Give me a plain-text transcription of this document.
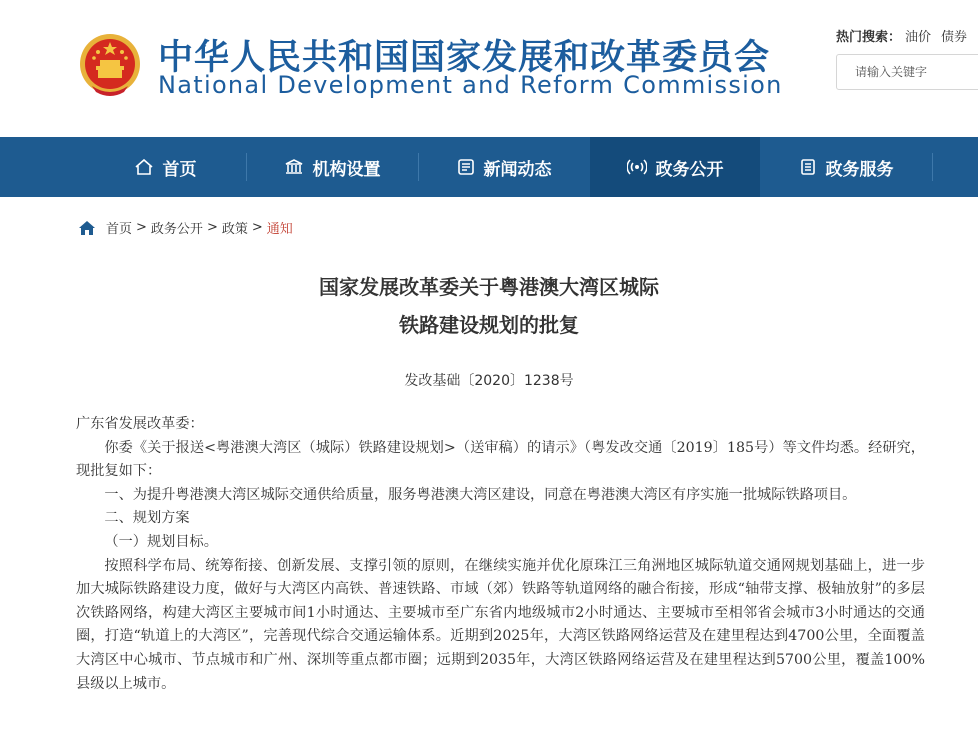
中华人民共和国国家发展和改革委员会
National Development and Reform Commission
热门搜索： 油价 债券
请输入关键字
首页	机构设置	新闻动态	政务公开	政务服务
首页 > 政务公开 > 政策 > 通知
国家发展改革委关于粤港澳大湾区城际
铁路建设规划的批复
发改基础〔2020〕1238号

广东省发展改革委：

你委《关于报送<粤港澳大湾区（城际）铁路建设规划>（送审稿）的请示》（粤发改交通〔2019〕185号）等文件均悉。经研究，现批复如下：

一、为提升粤港澳大湾区城际交通供给质量，服务粤港澳大湾区建设，同意在粤港澳大湾区有序实施一批城际铁路项目。

二、规划方案

（一）规划目标。

按照科学布局、统筹衔接、创新发展、支撑引领的原则，在继续实施并优化原珠江三角洲地区城际轨道交通网规划基础上，进一步加大城际铁路建设力度，做好与大湾区内高铁、普速铁路、市域（郊）铁路等轨道网络的融合衔接，形成“轴带支撑、极轴放射”的多层次铁路网络，构建大湾区主要城市间1小时通达、主要城市至广东省内地级城市2小时通达、主要城市至相邻省会城市3小时通达的交通圈，打造“轨道上的大湾区”，完善现代综合交通运输体系。近期到2025年，大湾区铁路网络运营及在建里程达到4700公里，全面覆盖大湾区中心城市、节点城市和广州、深圳等重点都市圈；远期到2035年，大湾区铁路网络运营及在建里程达到5700公里，覆盖100%县级以上城市。
